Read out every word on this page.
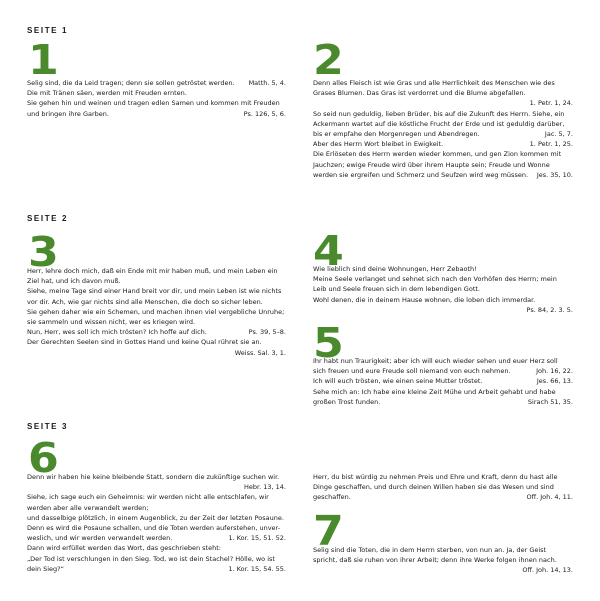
SEITE 1
SEITE 2
SEITE 3
1	2
3	4
5
6
7
Selig sind, die da Leid tragen; denn sie sollen getröstet werden. Matth. 5, 4.
Die mit Tränen säen, werden mit Freuden ernten.
Sie gehen hin und weinen und tragen edlen Samen und kommen mit Freuden
und bringen ihre Garben.	Ps. 126, 5, 6.
Denn alles Fleisch ist wie Gras und alle Herrlichkeit des Menschen wie des
Grases Blumen. Das Gras ist verdorret und die Blume abgefallen.
1. Petr. 1, 24.
So seid nun geduldig, lieben Brüder, bis auf die Zukunft des Herrn. Siehe, ein
Ackermann wartet auf die köstliche Frucht der Erde und ist geduldig darüber,
bis er empfahe den Morgenregen und Abendregen.	Jac. 5, 7.
Aber des Herrn Wort bleibet in Ewigkeit.	1. Petr. 1, 25.
Die Erlöseten des Herrn werden wieder kommen, und gen Zion kommen mit
Jauchzen; ewige Freude wird über ihrem Haupte sein; Freude und Wonne
werden sie ergreifen und Schmerz und Seufzen wird weg müssen. Jes. 35, 10.
Herr, lehre doch mich, daß ein Ende mit mir haben muß, und mein Leben ein
Ziel hat, und ich davon muß.
Siehe, meine Tage sind einer Hand breit vor dir, und mein Leben ist wie nichts
vor dir. Ach, wie gar nichts sind alle Menschen, die doch so sicher leben.
Sie gehen daher wie ein Schemen, und machen ihnen viel vergebliche Unruhe;
sie sammeln und wissen nicht, wer es kriegen wird.
Nun, Herr, wes soll ich mich trösten? Ich hoffe auf dich.	Ps. 39, 5–8.
Der Gerechten Seelen sind in Gottes Hand und keine Qual rühret sie an.
Weiss. Sal. 3, 1.
Wie lieblich sind deine Wohnungen, Herr Zebaoth!
Meine Seele verlanget und sehnet sich nach den Vorhöfen des Herrn; mein
Leib und Seele freuen sich in dem lebendigen Gott.
Wohl denen, die in deinem Hause wohnen, die loben dich immerdar.
Ps. 84, 2. 3. 5.
Ihr habt nun Traurigkeit; aber ich will euch wieder sehen und euer Herz soll
sich freuen und eure Freude soll niemand von euch nehmen.	Joh. 16, 22.
Ich will euch trösten, wie einen seine Mutter tröstet.	Jes. 66, 13.
Sehe mich an: Ich habe eine kleine Zeit Mühe und Arbeit gehabt und habe
großen Trost funden.	Sirach 51, 35.
Denn wir haben hie keine bleibende Statt, sondern die zukünftige suchen wir.
Hebr. 13, 14.
Siehe, ich sage euch ein Geheimnis: wir werden nicht alle entschlafen, wir
werden aber alle verwandelt werden;
und dasselbige plötzlich, in einem Augenblick, zu der Zeit der letzten Posaune.
Denn es wird die Posaune schallen, und die Toten werden auferstehen, unver-
weslich, und wir werden verwandelt werden.	1. Kor. 15, 51. 52.
Dann wird erfüllet werden das Wort, das geschrieben steht:
„Der Tod ist verschlungen in den Sieg. Tod, wo ist dein Stachel? Hölle, wo ist
dein Sieg?“	1. Kor. 15, 54. 55.
Herr, du bist würdig zu nehmen Preis und Ehre und Kraft, denn du hast alle
Dinge geschaffen, und durch deinen Willen haben sie das Wesen und sind
geschaffen.	Off. Joh. 4, 11.
Selig sind die Toten, die in dem Herrn sterben, von nun an. Ja, der Geist
spricht, daß sie ruhen von ihrer Arbeit; denn ihre Werke folgen ihnen nach.
Off. Joh. 14, 13.
